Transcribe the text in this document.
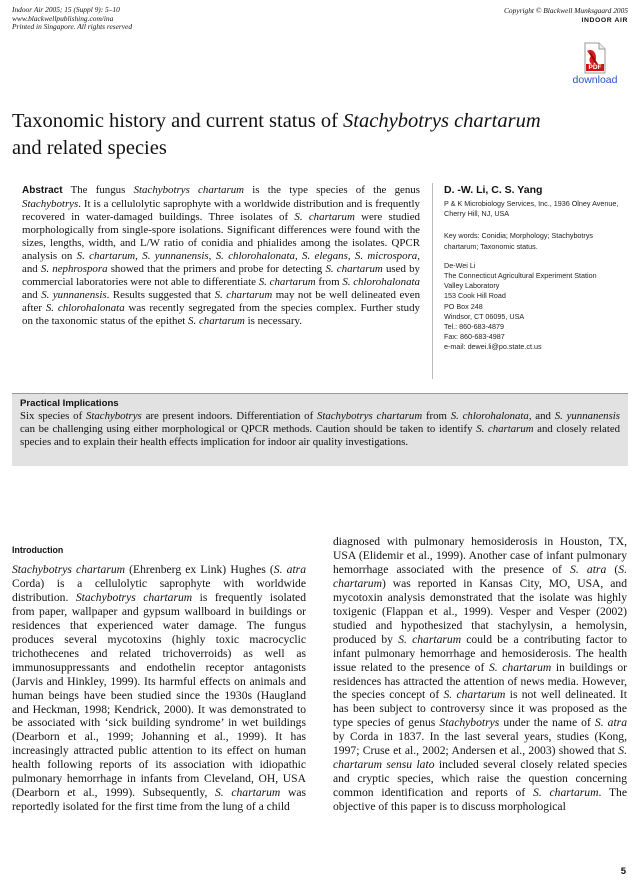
Indoor Air 2005; 15 (Suppl 9): 5–10
www.blackwellpublishing.com/ina
Printed in Singapore. All rights reserved
Copyright © Blackwell Munksgaard 2005
INDOOR AIR
PDF
download
Taxonomic history and current status of Stachybotrys chartarum
and related species
Abstract The fungus Stachybotrys chartarum is the type species of the genus Stachybotrys. It is a cellulolytic saprophyte with a worldwide distribution and is frequently recovered in water-damaged buildings. Three isolates of S. chartarum were studied morphologically from single-spore isolations. Significant differences were found with the sizes, lengths, width, and L/W ratio of conidia and phialides among the isolates. QPCR analysis on S. chartarum, S. yunnanensis, S. chlorohalonata, S. elegans, S. microspora, and S. nephrospora showed that the primers and probe for detecting S. chartarum used by commercial laboratories were not able to differentiate S. chartarum from S. chlorohalonata and S. yunnanensis. Results suggested that S. chartarum may not be well delineated even after S. chlorohalonata was recently segregated from the species complex. Further study on the taxonomic status of the epithet S. chartarum is necessary.
D. -W. Li, C. S. Yang

P & K Microbiology Services, Inc., 1936 Olney Avenue,

Cherry Hill, NJ, USA

Key words: Conidia; Morphology; Stachybotrys

chartarum; Taxonomic status.

De-Wei Li

The Connecticut Agricultural Experiment Station

Valley Laboratory

153 Cook Hill Road

PO Box 248

Windsor, CT 06095, USA

Tel.: 860-683-4879

Fax: 860-683-4987

e-mail: dewei.li@po.state.ct.us

Practical Implications
Six species of Stachybotrys are present indoors. Differentiation of Stachybotrys chartarum from S. chlorohalonata, and S. yunnanensis can be challenging using either morphological or QPCR methods. Caution should be taken to identify S. chartarum and closely related species and to explain their health effects implication for indoor air quality investigations.
Introduction
Stachybotrys chartarum (Ehrenberg ex Link) Hughes (S. atra Corda) is a cellulolytic saprophyte with worldwide distribution. Stachybotrys chartarum is frequently isolated from paper, wallpaper and gypsum wallboard in buildings or residences that experienced water damage. The fungus produces several mycotoxins (highly toxic macrocyclic trichothecenes and related trichoverroids) as well as immunosuppressants and endothelin receptor antagonists (Jarvis and Hinkley, 1999). Its harmful effects on animals and human beings have been studied since the 1930s (Haugland and Heckman, 1998; Kendrick, 2000). It was demonstrated to be associated with ‘sick building syndrome’ in wet buildings (Dearborn et al., 1999; Johanning et al., 1999). It has increasingly attracted public attention to its effect on human health following reports of its association with idiopathic pulmonary hemorrhage in infants from Cleveland, OH, USA (Dearborn et al., 1999). Subsequently, S. chartarum was reportedly isolated for the first time from the lung of a child
diagnosed with pulmonary hemosiderosis in Houston, TX, USA (Elidemir et al., 1999). Another case of infant pulmonary hemorrhage associated with the presence of S. atra (S. chartarum) was reported in Kansas City, MO, USA, and mycotoxin analysis demonstrated that the isolate was highly toxigenic (Flappan et al., 1999). Vesper and Vesper (2002) studied and hypothesized that stachylysin, a hemolysin, produced by S. chartarum could be a contributing factor to infant pulmonary hemorrhage and hemosiderosis. The health issue related to the presence of S. chartarum in buildings or residences has attracted the attention of news media. However, the species concept of S. chartarum is not well delineated. It has been subject to controversy since it was proposed as the type species of genus Stachybotrys under the name of S. atra by Corda in 1837. In the last several years, studies (Kong, 1997; Cruse et al., 2002; Andersen et al., 2003) showed that S. chartarum sensu lato included several closely related species and cryptic species, which raise the question concerning common identification and reports of S. chartarum. The objective of this paper is to discuss morphological
5
